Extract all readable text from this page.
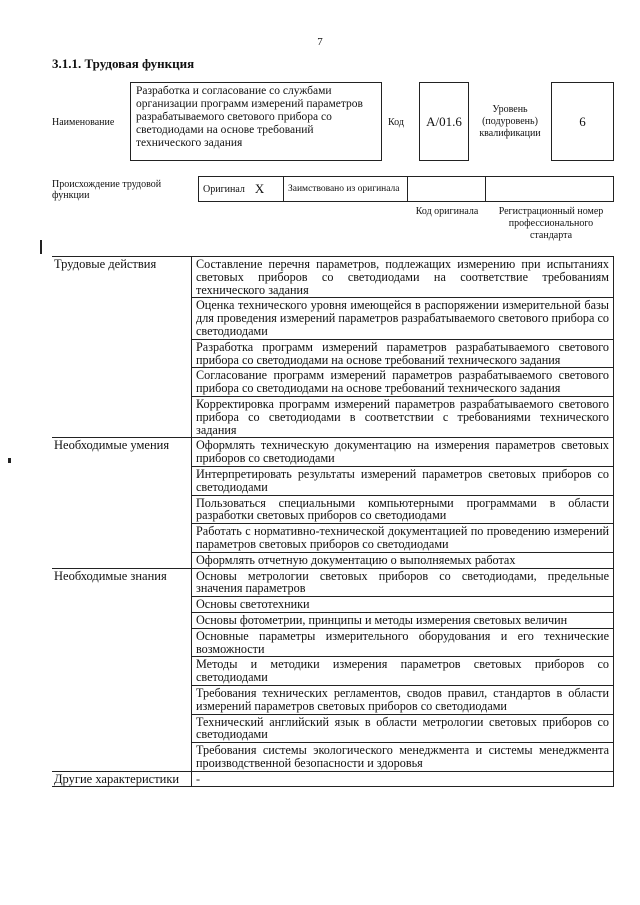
7
3.1.1. Трудовая функция
Наименование
Разработка и согласование со службами организации программ измерений параметров разрабатываемого светового прибора со светодиодами на основе требований технического задания
Код	A/01.6
Уровень (подуровень) квалификации
6
Происхождение трудовой функции
Оригинал X	Заимствовано из оригинала
Код оригинала	Регистрационный номер профессионального стандарта
Трудовые действия	Составление перечня параметров, подлежащих измерению при испытаниях световых приборов со светодиодами на соответствие требованиям технического задания
	Оценка технического уровня имеющейся в распоряжении измерительной базы для проведения измерений параметров разрабатываемого светового прибора со светодиодами
	Разработка программ измерений параметров разрабатываемого светового прибора со светодиодами на основе требований технического задания
	Согласование программ измерений параметров разрабатываемого светового прибора со светодиодами на основе требований технического задания
	Корректировка программ измерений параметров разрабатываемого светового прибора со светодиодами в соответствии с требованиями технического задания
Необходимые умения	Оформлять техническую документацию на измерения параметров световых приборов со светодиодами
	Интерпретировать результаты измерений параметров световых приборов со светодиодами
	Пользоваться специальными компьютерными программами в области разработки световых приборов со светодиодами
	Работать с нормативно-технической документацией по проведению измерений параметров световых приборов со светодиодами
	Оформлять отчетную документацию о выполняемых работах
Необходимые знания	Основы метрологии световых приборов со светодиодами, предельные значения параметров
	Основы светотехники
	Основы фотометрии, принципы и методы измерения световых величин
	Основные параметры измерительного оборудования и его технические возможности
	Методы и методики измерения параметров световых приборов со светодиодами
	Требования технических регламентов, сводов правил, стандартов в области измерений параметров световых приборов со светодиодами
	Технический английский язык в области метрологии световых приборов со светодиодами
	Требования системы экологического менеджмента и системы менеджмента производственной безопасности и здоровья
Другие характеристики	-
